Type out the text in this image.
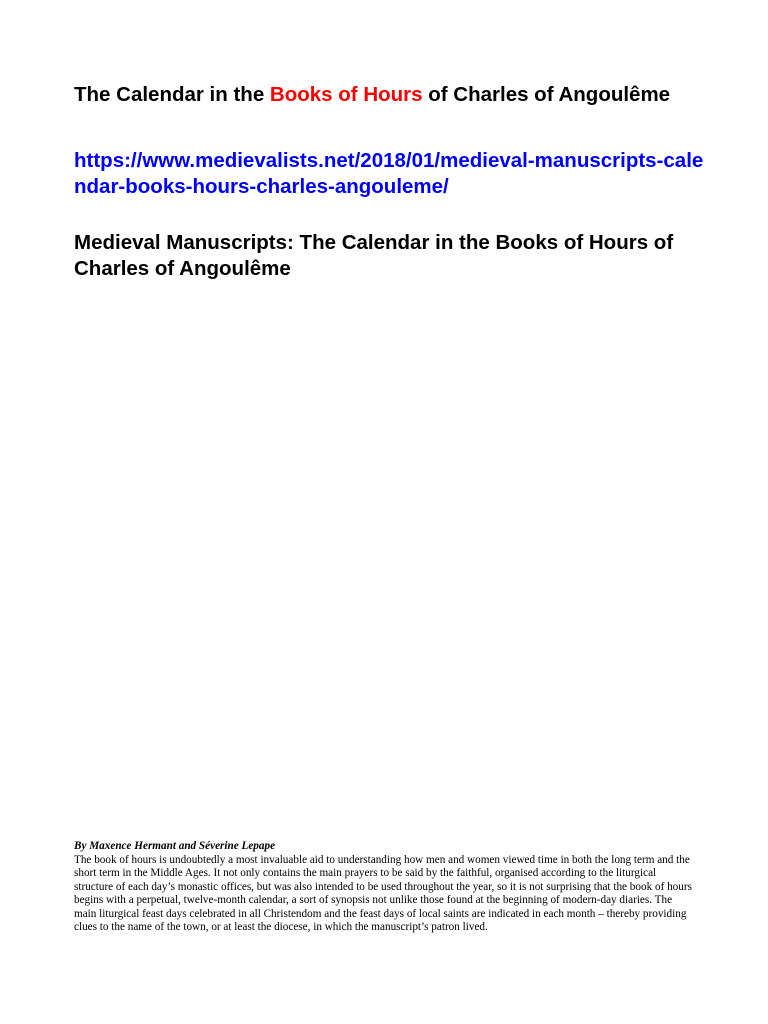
The Calendar in the Books of Hours of Charles of Angoulême
https://www.medievalists.net/2018/01/medieval-manuscripts-calendar-books-hours-charles-angouleme/
Medieval Manuscripts: The Calendar in the Books of Hours of Charles of Angoulême

By Maxence Hermant and Séverine Lepape

The book of hours is undoubtedly a most invaluable aid to understanding how men and women viewed time in both the long term and the short term in the Middle Ages. It not only contains the main prayers to be said by the faithful, organised according to the liturgical structure of each day’s monastic offices, but was also intended to be used throughout the year, so it is not surprising that the book of hours begins with a perpetual, twelve-month calendar, a sort of synopsis not unlike those found at the beginning of modern-day diaries. The main liturgical feast days celebrated in all Christendom and the feast days of local saints are indicated in each month – thereby providing clues to the name of the town, or at least the diocese, in which the manuscript’s patron lived.
